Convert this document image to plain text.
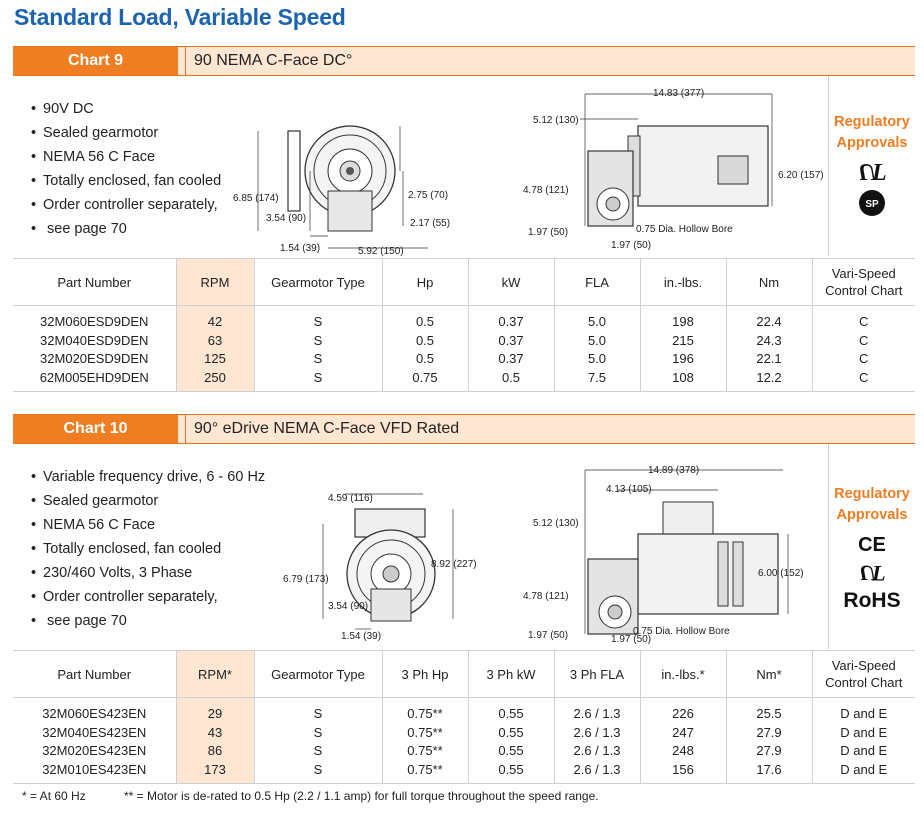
Standard Load, Variable Speed
Chart 9	90 NEMA C-Face DC°
• 90V DC
• Sealed gearmotor
• NEMA 56 C Face
• Totally enclosed, fan cooled
• Order controller separately,
• see page 70
6.85 (174)
3.54 (90)
2.75 (70)
2.17 (55)
1.54 (39)	5.92 (150)
14.83 (377)
5.12 (130)
6.20 (157)
4.78 (121)
0.75 Dia. Hollow Bore
1.97 (50)
1.97 (50)
Regulatory
Approvals
U
L
SP
Part Number	RPM	Gearmotor Type	Hp	kW	FLA	in.-lbs.	Nm	Vari-Speed
Control Chart

32M060ESD9DEN	42	S	0.5	0.37	5.0	198	22.4	C
32M040ESD9DEN	63	S	0.5	0.37	5.0	215	24.3	C
32M020ESD9DEN	125	S	0.5	0.37	5.0	196	22.1	C
62M005EHD9DEN	250	S	0.75	0.5	7.5	108	12.2	C

Chart 10	90° eDrive NEMA C-Face VFD Rated
• Variable frequency drive, 6 - 60 Hz
• Sealed gearmotor
• NEMA 56 C Face
• Totally enclosed, fan cooled
• 230/460 Volts, 3 Phase
• Order controller separately,
• see page 70
4.59 (116)
6.79 (173)
3.54 (90)
8.92 (227)
1.54 (39)
14.89 (378)
4.13 (105)
5.12 (130)
6.00 (152)
4.78 (121)
0.75 Dia. Hollow Bore
1.97 (50)	1.97 (50)
Regulatory
Approvals
CE
U
L
RoHS
Part Number	RPM*	Gearmotor Type	3 Ph Hp	3 Ph kW	3 Ph FLA	in.-lbs.*	Nm*	Vari-Speed
Control Chart

32M060ES423EN	29	S	0.75**	0.55	2.6 / 1.3	226	25.5	D and E
32M040ES423EN	43	S	0.75**	0.55	2.6 / 1.3	247	27.9	D and E
32M020ES423EN	86	S	0.75**	0.55	2.6 / 1.3	248	27.9	D and E
32M010ES423EN	173	S	0.75**	0.55	2.6 / 1.3	156	17.6	D and E

* = At 60 Hz	** = Motor is de-rated to 0.5 Hp (2.2 / 1.1 amp) for full torque throughout the speed range.
